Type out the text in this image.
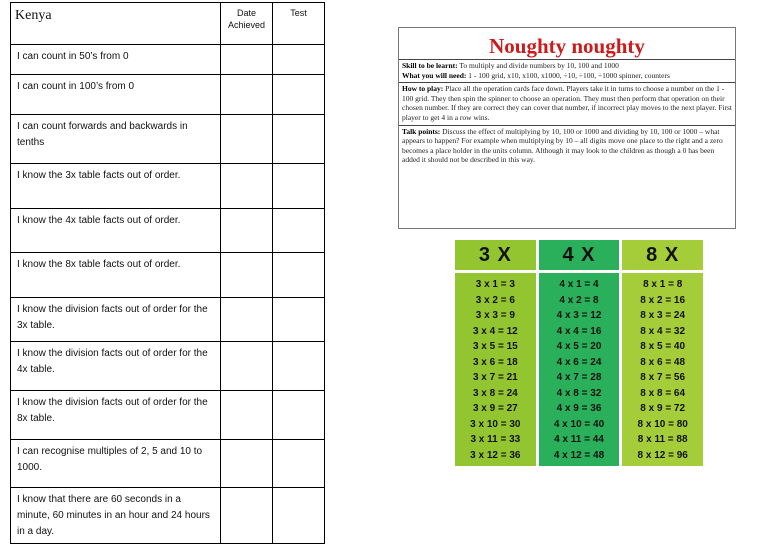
Kenya	Date Achieved	Test
I can count in 50’s from 0		
I can count in 100’s from 0		
I can count forwards and backwards in tenths		
I know the 3x table facts out of order.		
I know the 4x table facts out of order.		
I know the 8x table facts out of order.		
I know the division facts out of order for the 3x table.		
I know the division facts out of order for the 4x table.		
I know the division facts out of order for the 8x table.		
I can recognise multiples of 2, 5 and 10 to 1000.		
I know that there are 60 seconds in a minute, 60 minutes in an hour and 24 hours in a day.		
Noughty noughty
Skill to be learnt: To multiply and divide numbers by 10, 100 and 1000
What you will need: 1 - 100 grid, x10, x100, x1000, ÷10, ÷100, ÷1000 spinner, counters
How to play: Place all the operation cards face down. Players take it in turns to choose a number on the 1 - 100 grid. They then spin the spinner to choose an operation. They must then perform that operation on their chosen number. If they are correct they can cover that number, if incorrect play moves to the next player. First player to get 4 in a row wins.
Talk points: Discuss the effect of multiplying by 10, 100 or 1000 and dividing by 10, 100 or 1000 – what appears to happen? For example when multiplying by 10 – all digits move one place to the right and a zero becomes a place holder in the units column. Although it may look to the children as though a 0 has been added it should not be described in this way.
3 X
3 x 1 = 3
3 x 2 = 6
3 x 3 = 9
3 x 4 = 12
3 x 5 = 15
3 x 6 = 18
3 x 7 = 21
3 x 8 = 24
3 x 9 = 27
3 x 10 = 30
3 x 11 = 33
3 x 12 = 36
4 X
4 x 1 = 4
4 x 2 = 8
4 x 3 = 12
4 x 4 = 16
4 x 5 = 20
4 x 6 = 24
4 x 7 = 28
4 x 8 = 32
4 x 9 = 36
4 x 10 = 40
4 x 11 = 44
4 x 12 = 48
8 X
8 x 1 = 8
8 x 2 = 16
8 x 3 = 24
8 x 4 = 32
8 x 5 = 40
8 x 6 = 48
8 x 7 = 56
8 x 8 = 64
8 x 9 = 72
8 x 10 = 80
8 x 11 = 88
8 x 12 = 96
